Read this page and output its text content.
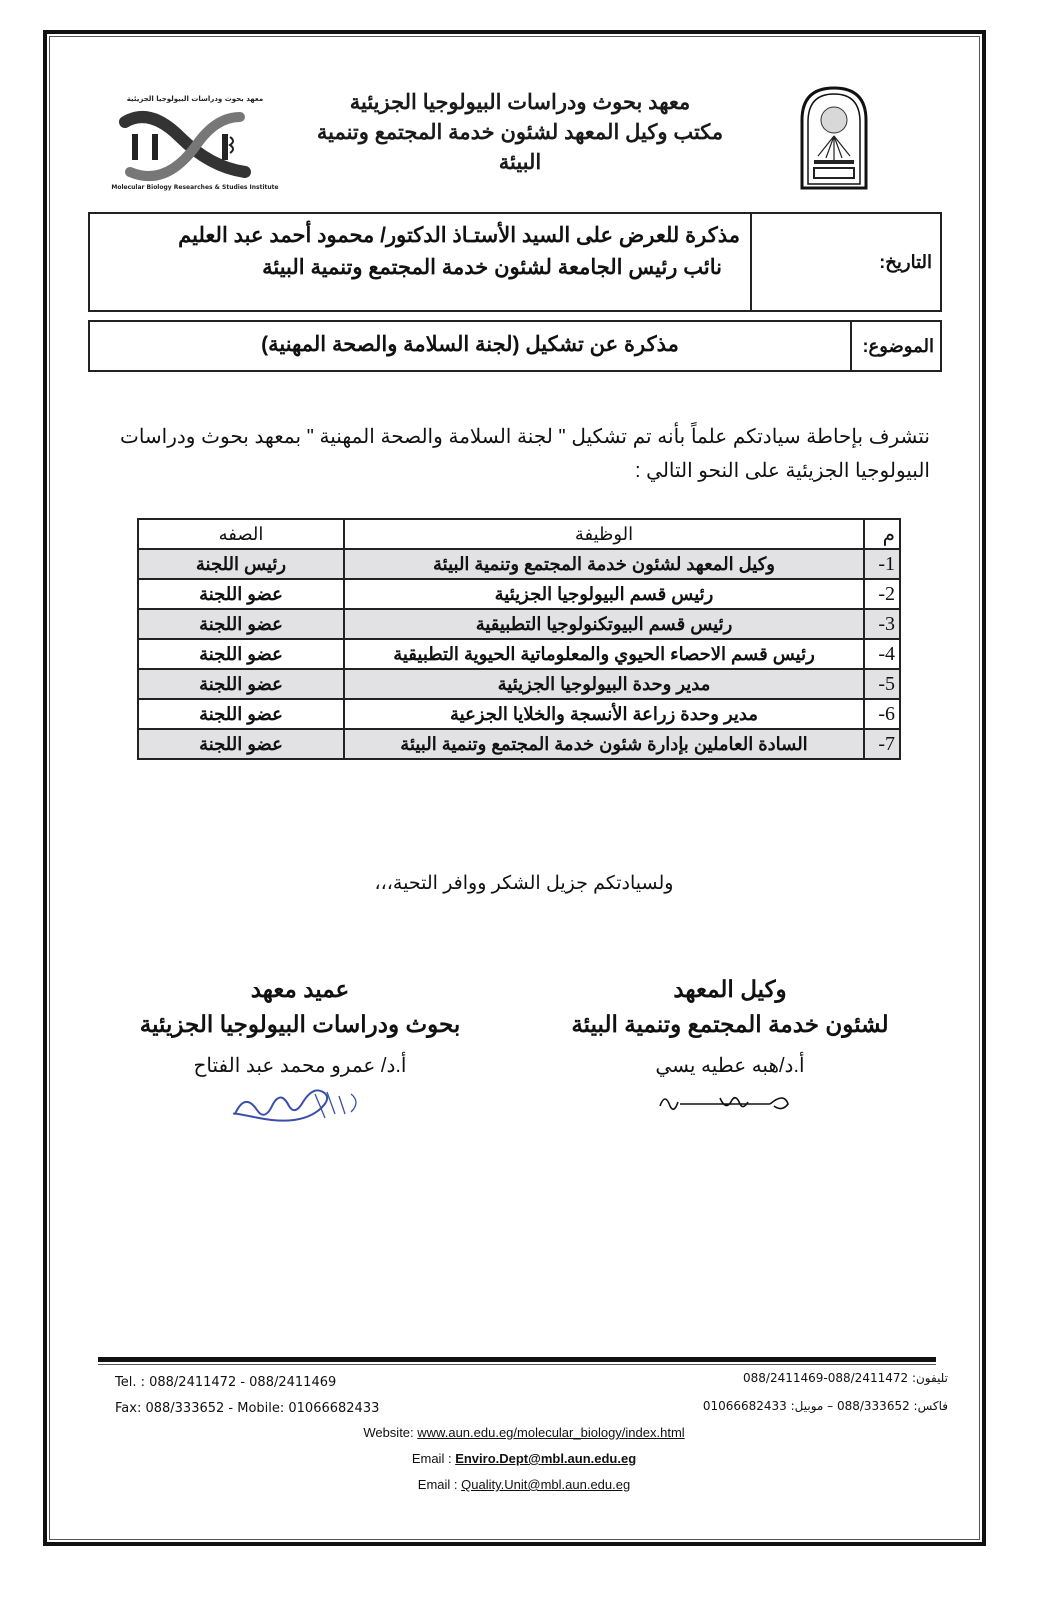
معهد بحوث ودراسات البيولوجيا الجزيئية
Molecular Biology Researches & Studies Institute
معهد بحوث ودراسات البيولوجيا الجزيئية
مكتب وكيل المعهد لشئون خدمة المجتمع وتنمية
البيئة
التاريخ:
مذكرة للعرض على السيد الأستـاذ الدكتور/ محمود أحمد عبد العليم
نائب رئيس الجامعة لشئون خدمة المجتمع وتنمية البيئة
الموضوع:
مذكرة عن تشكيل (لجنة السلامة والصحة المهنية)
نتشرف بإحاطة سيادتكم علماً بأنه تم تشكيل " لجنة السلامة والصحة المهنية " بمعهد بحوث ودراسات البيولوجيا الجزيئية على النحو التالي :
م	الوظيفة	الصفه
1-	وكيل المعهد لشئون خدمة المجتمع وتنمية البيئة	رئيس اللجنة
2-	رئيس قسم البيولوجيا الجزيئية	عضو اللجنة
3-	رئيس قسم البيوتكنولوجيا التطبيقية	عضو اللجنة
4-	رئيس قسم الاحصاء الحيوي والمعلوماتية الحيوية التطبيقية	عضو اللجنة
5-	مدير وحدة البيولوجيا الجزيئية	عضو اللجنة
6-	مدير وحدة زراعة الأنسجة والخلايا الجزعية	عضو اللجنة
7-	السادة العاملين بإدارة شئون خدمة المجتمع وتنمية البيئة	عضو اللجنة
ولسيادتكم جزيل الشكر ووافر التحية،،،
وكيل المعهد
لشئون خدمة المجتمع وتنمية البيئة
أ.د/هبه عطيه يسي
عميد معهد
بحوث ودراسات البيولوجيا الجزيئية
أ.د/ عمرو محمد عبد الفتاح
Tel. : 088/2411472 - 088/2411469
Fax: 088/333652 - Mobile: 01066682433
تليفون: 088/2411472-088/2411469
فاكس: 088/333652 – موبيل: 01066682433
Website: www.aun.edu.eg/molecular_biology/index.html
Email : Enviro.Dept@mbl.aun.edu.eg
Email : Quality.Unit@mbl.aun.edu.eg
